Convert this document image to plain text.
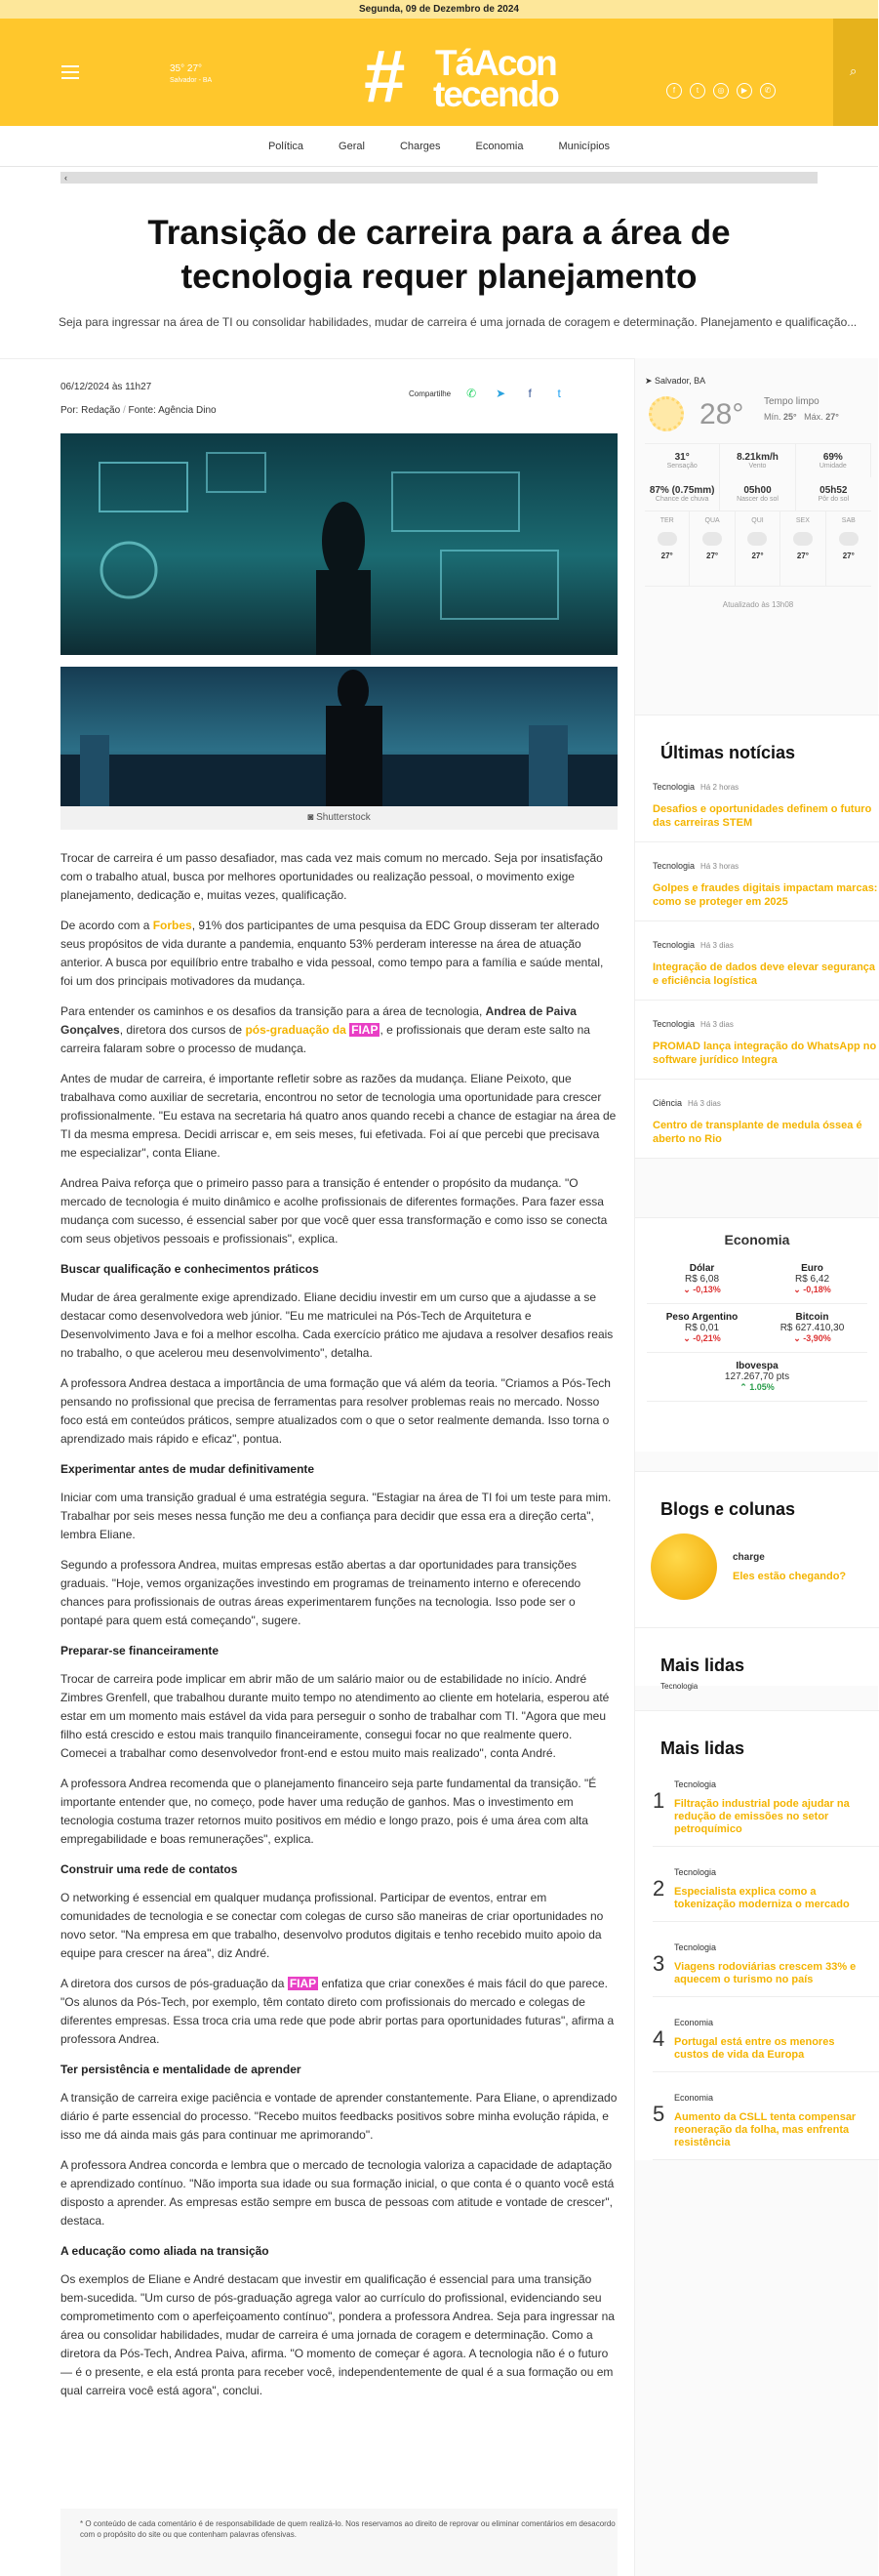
Segunda, 09 de Dezembro de 2024
35° 27°
Salvador - BA # TáAcon
tecendo	f	t	◎	▶	✆
⌕
Política	Geral	Charges	Economia	Municípios
‹
Transição de carreira para a área de tecnologia requer planejamento
Seja para ingressar na área de TI ou consolidar habilidades, mudar de carreira é uma jornada de coragem e determinação. Planejamento e qualificação...
06/12/2024 às 11h27
Por: Redação / Fonte: Agência Dino
Compartilhe	✆	➤	f	t
◙ Shutterstock

Trocar de carreira é um passo desafiador, mas cada vez mais comum no mercado. Seja por insatisfação com o trabalho atual, busca por melhores oportunidades ou realização pessoal, o movimento exige planejamento, dedicação e, muitas vezes, qualificação.

De acordo com a Forbes, 91% dos participantes de uma pesquisa da EDC Group disseram ter alterado seus propósitos de vida durante a pandemia, enquanto 53% perderam interesse na área de atuação anterior. A busca por equilíbrio entre trabalho e vida pessoal, como tempo para a família e saúde mental, foi um dos principais motivadores da mudança.

Para entender os caminhos e os desafios da transição para a área de tecnologia, Andrea de Paiva Gonçalves, diretora dos cursos de pós-graduação da FIAP , e profissionais que deram este salto na carreira falaram sobre o processo de mudança.

Antes de mudar de carreira, é importante refletir sobre as razões da mudança. Eliane Peixoto, que trabalhava como auxiliar de secretaria, encontrou no setor de tecnologia uma oportunidade para crescer profissionalmente. "Eu estava na secretaria há quatro anos quando recebi a chance de estagiar na área de TI da mesma empresa. Decidi arriscar e, em seis meses, fui efetivada. Foi aí que percebi que precisava me especializar", conta Eliane.

Andrea Paiva reforça que o primeiro passo para a transição é entender o propósito da mudança. "O mercado de tecnologia é muito dinâmico e acolhe profissionais de diferentes formações. Para fazer essa mudança com sucesso, é essencial saber por que você quer essa transformação e como isso se conecta com seus objetivos pessoais e profissionais", explica.

Buscar qualificação e conhecimentos práticos

Mudar de área geralmente exige aprendizado. Eliane decidiu investir em um curso que a ajudasse a se destacar como desenvolvedora web júnior. "Eu me matriculei na Pós-Tech de Arquitetura e Desenvolvimento Java e foi a melhor escolha. Cada exercício prático me ajudava a resolver desafios reais no trabalho, o que acelerou meu desenvolvimento", detalha.

A professora Andrea destaca a importância de uma formação que vá além da teoria. "Criamos a Pós-Tech pensando no profissional que precisa de ferramentas para resolver problemas reais no mercado. Nosso foco está em conteúdos práticos, sempre atualizados com o que o setor realmente demanda. Isso torna o aprendizado mais rápido e eficaz", pontua.

Experimentar antes de mudar definitivamente

Iniciar com uma transição gradual é uma estratégia segura. "Estagiar na área de TI foi um teste para mim. Trabalhar por seis meses nessa função me deu a confiança para decidir que essa era a direção certa", lembra Eliane.

Segundo a professora Andrea, muitas empresas estão abertas a dar oportunidades para transições graduais. "Hoje, vemos organizações investindo em programas de treinamento interno e oferecendo chances para profissionais de outras áreas experimentarem funções na tecnologia. Isso pode ser o pontapé para quem está começando", sugere.

Preparar-se financeiramente

Trocar de carreira pode implicar em abrir mão de um salário maior ou de estabilidade no início. André Zimbres Grenfell, que trabalhou durante muito tempo no atendimento ao cliente em hotelaria, esperou até estar em um momento mais estável da vida para perseguir o sonho de trabalhar com TI. "Agora que meu filho está crescido e estou mais tranquilo financeiramente, consegui focar no que realmente quero. Comecei a trabalhar como desenvolvedor front-end e estou muito mais realizado", conta André.

A professora Andrea recomenda que o planejamento financeiro seja parte fundamental da transição. "É importante entender que, no começo, pode haver uma redução de ganhos. Mas o investimento em tecnologia costuma trazer retornos muito positivos em médio e longo prazo, pois é uma área com alta empregabilidade e boas remunerações", explica.

Construir uma rede de contatos

O networking é essencial em qualquer mudança profissional. Participar de eventos, entrar em comunidades de tecnologia e se conectar com colegas de curso são maneiras de criar oportunidades no novo setor. "Na empresa em que trabalho, desenvolvo produtos digitais e tenho recebido muito apoio da equipe para crescer na área", diz André.

A diretora dos cursos de pós-graduação da FIAP enfatiza que criar conexões é mais fácil do que parece. "Os alunos da Pós-Tech, por exemplo, têm contato direto com profissionais do mercado e colegas de diferentes empresas. Essa troca cria uma rede que pode abrir portas para oportunidades futuras", afirma a professora Andrea.

Ter persistência e mentalidade de aprender

A transição de carreira exige paciência e vontade de aprender constantemente. Para Eliane, o aprendizado diário é parte essencial do processo. "Recebo muitos feedbacks positivos sobre minha evolução rápida, e isso me dá ainda mais gás para continuar me aprimorando".

A professora Andrea concorda e lembra que o mercado de tecnologia valoriza a capacidade de adaptação e aprendizado contínuo. "Não importa sua idade ou sua formação inicial, o que conta é o quanto você está disposto a aprender. As empresas estão sempre em busca de pessoas com atitude e vontade de crescer", destaca.

A educação como aliada na transição

Os exemplos de Eliane e André destacam que investir em qualificação é essencial para uma transição bem-sucedida. "Um curso de pós-graduação agrega valor ao currículo do profissional, evidenciando seu comprometimento com o aperfeiçoamento contínuo", pondera a professora Andrea. Seja para ingressar na área ou consolidar habilidades, mudar de carreira é uma jornada de coragem e determinação. Como a diretora da Pós-Tech, Andrea Paiva, afirma. "O momento de começar é agora. A tecnologia não é o futuro — é o presente, e ela está pronta para receber você, independentemente de qual é a sua formação ou em qual carreira você está agora", conclui.

* O conteúdo de cada comentário é de responsabilidade de quem realizá-lo. Nos reservamos ao direito de reprovar ou eliminar comentários em desacordo com o propósito do site ou que contenham palavras ofensivas.
➤ Salvador, BA
28° Tempo limpo
Mín. 25° Máx. 27°
31°
Sensação
8.21km/h
Vento
69%
Umidade
87% (0.75mm)
Chance de chuva
05h00
Nascer do sol
05h52
Pôr do sol
TER
27°
QUA
27°
QUI
27°
SEX
27°
SAB
27°
Atualizado às 13h08
Últimas notícias
Tecnologia Há 2 horas
Desafios e oportunidades definem o futuro das carreiras STEM
Tecnologia Há 3 horas
Golpes e fraudes digitais impactam marcas: como se proteger em 2025
Tecnologia Há 3 dias
Integração de dados deve elevar segurança e eficiência logística
Tecnologia Há 3 dias
PROMAD lança integração do WhatsApp no software jurídico Integra
Ciência Há 3 dias
Centro de transplante de medula óssea é aberto no Rio
Economia
Dólar
R$ 6,08
⌄ -0,13%
Euro
R$ 6,42
⌄ -0,18%
Peso Argentino
R$ 0,01
⌄ -0,21%
Bitcoin
R$ 627.410,30
⌄ -3,90%
Ibovespa
127.267,70 pts
⌃ 1.05%
Blogs e colunas
charge
Eles estão chegando?
Mais lidas
Tecnologia
Mais lidas
1
Tecnologia
Filtração industrial pode ajudar na redução de emissões no setor petroquímico
2
Tecnologia
Especialista explica como a tokenização moderniza o mercado
3
Tecnologia
Viagens rodoviárias crescem 33% e aquecem o turismo no país
4
Economia
Portugal está entre os menores custos de vida da Europa
5
Economia
Aumento da CSLL tenta compensar reoneração da folha, mas enfrenta resistência
